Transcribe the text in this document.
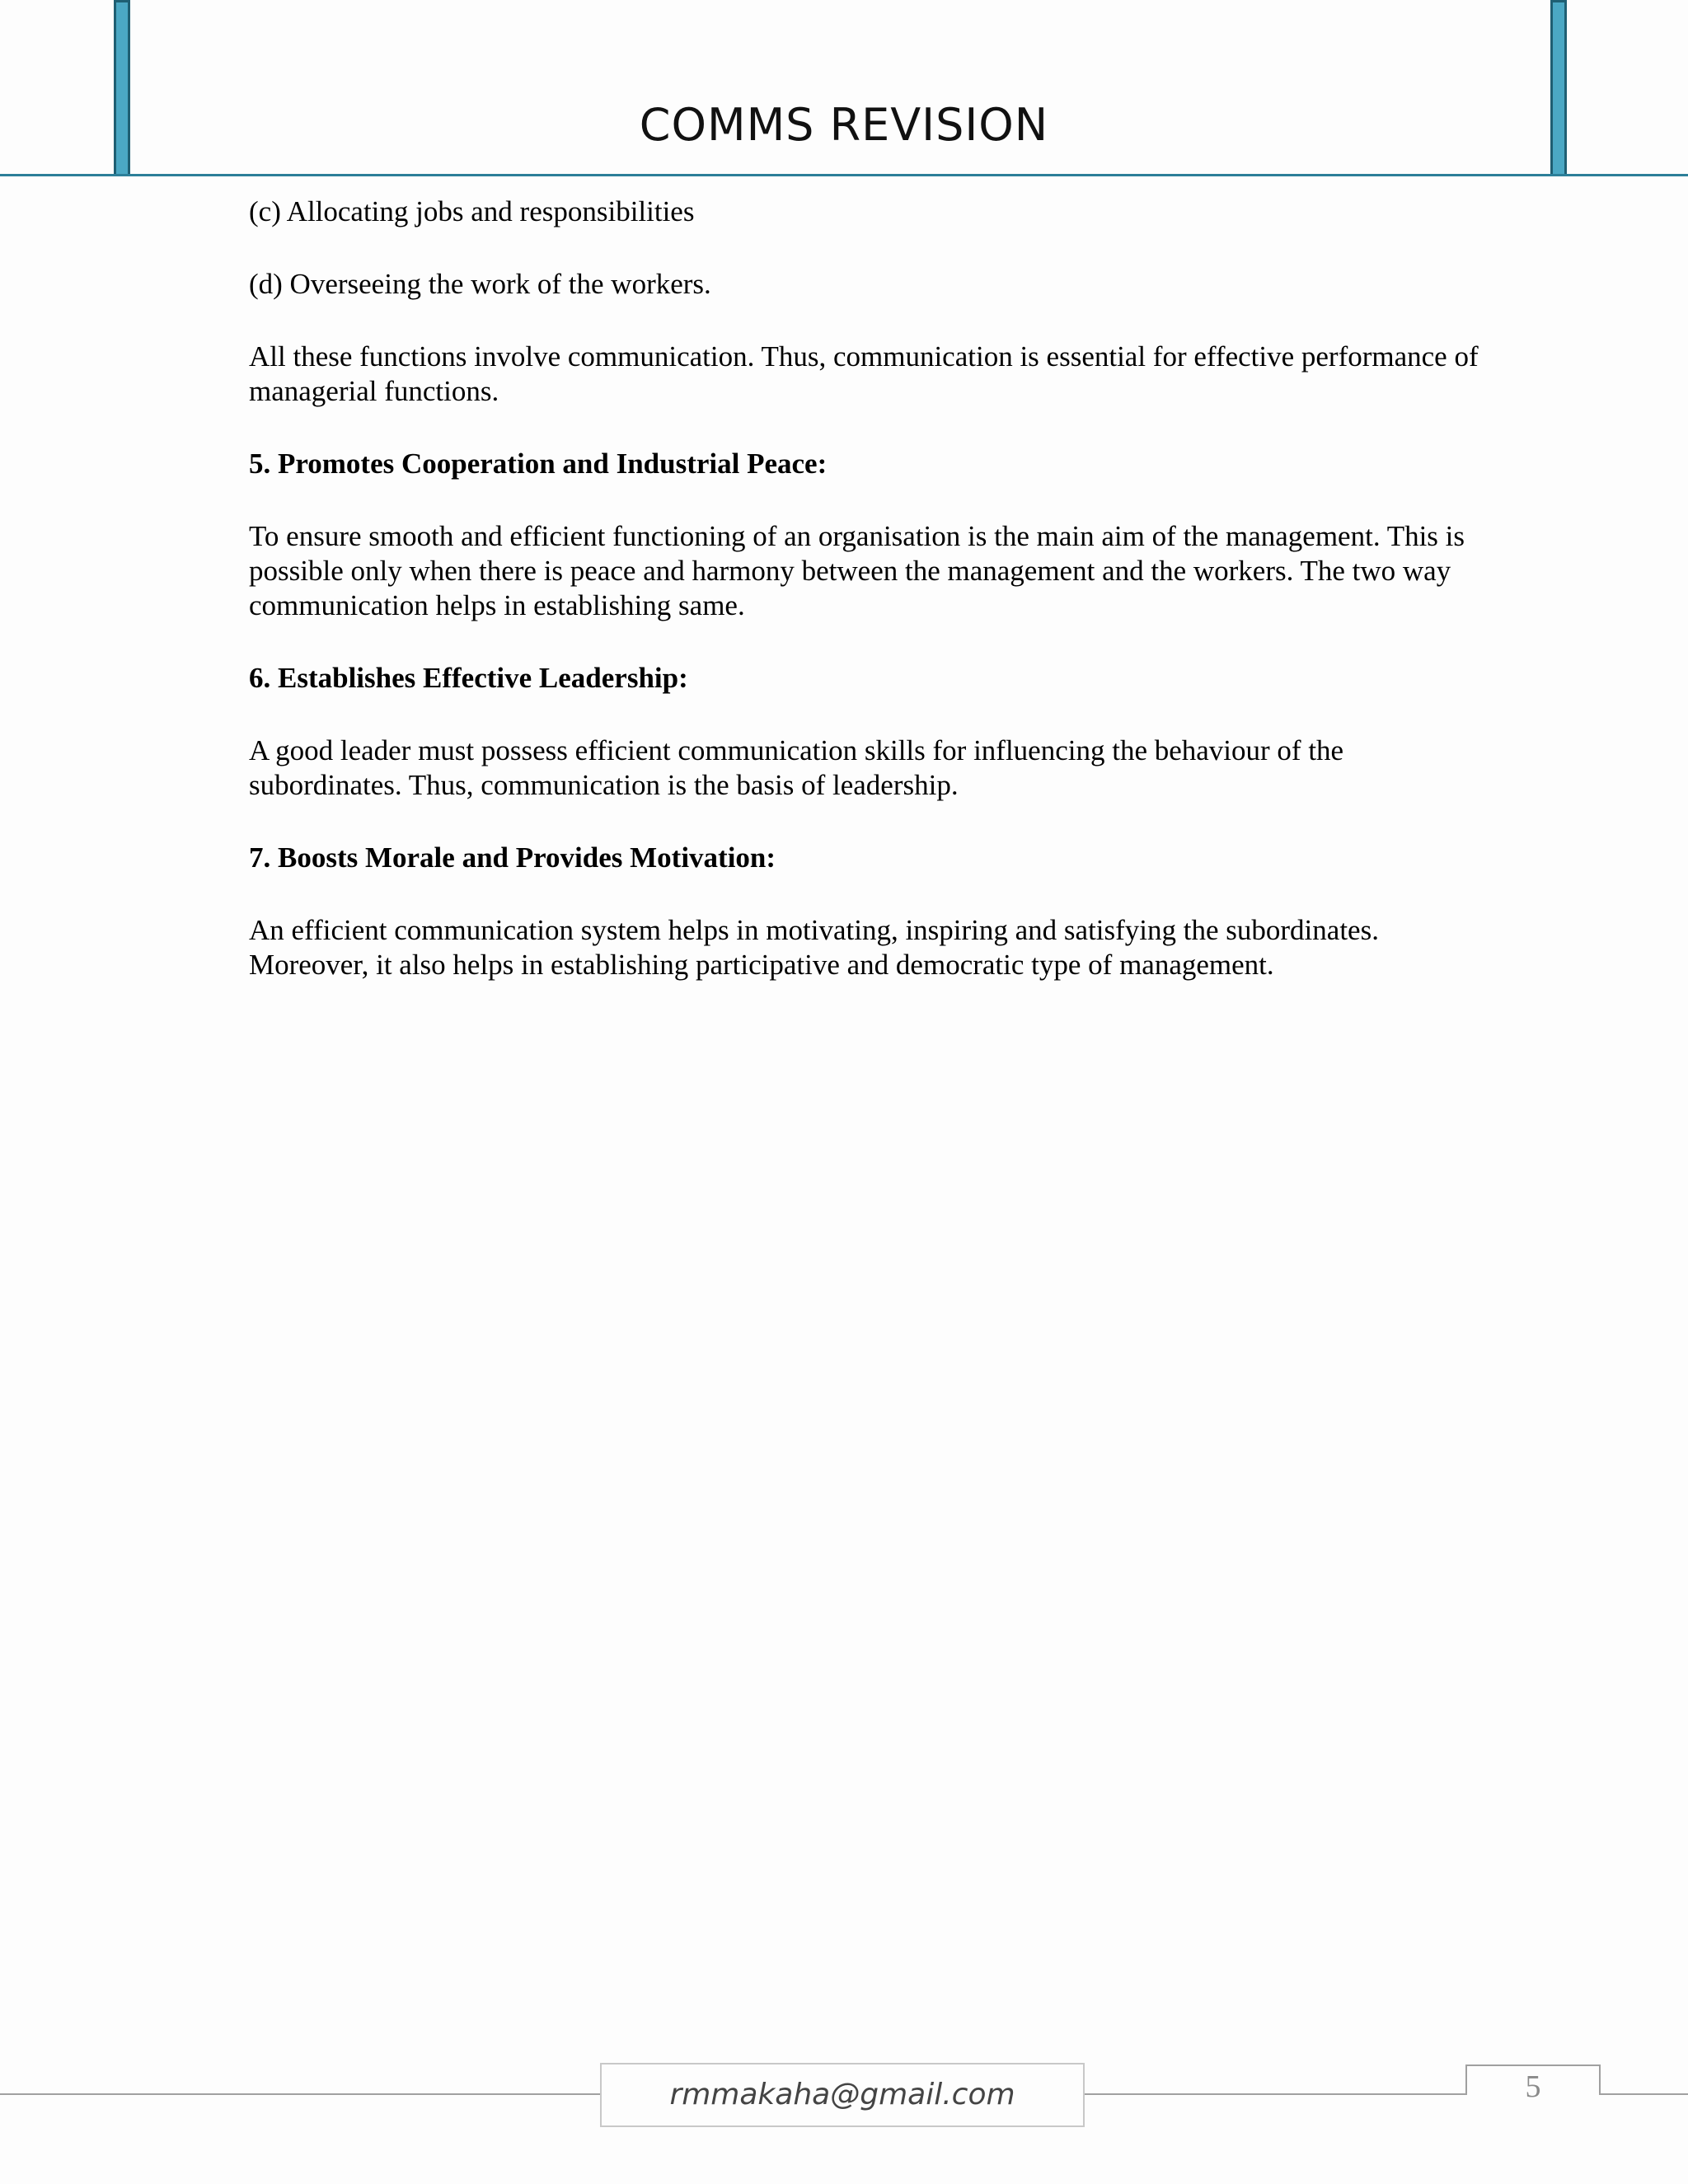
COMMS REVISION

(c) Allocating jobs and responsibilities

(d) Overseeing the work of the workers.

All these functions involve communication. Thus, communication is essential for effective performance of managerial functions.

5. Promotes Cooperation and Industrial Peace:

To ensure smooth and efficient functioning of an organisation is the main aim of the management. This is possible only when there is peace and harmony between the management and the workers. The two way communication helps in establishing same.

6. Establishes Effective Leadership:

A good leader must possess efficient communication skills for influencing the behaviour of the subordinates. Thus, communication is the basis of leadership.

7. Boosts Morale and Provides Motivation:

An efficient communication system helps in motivating, inspiring and satisfying the subordinates. Moreover, it also helps in establishing participative and democratic type of management.

rmmakaha@gmail.com	5
